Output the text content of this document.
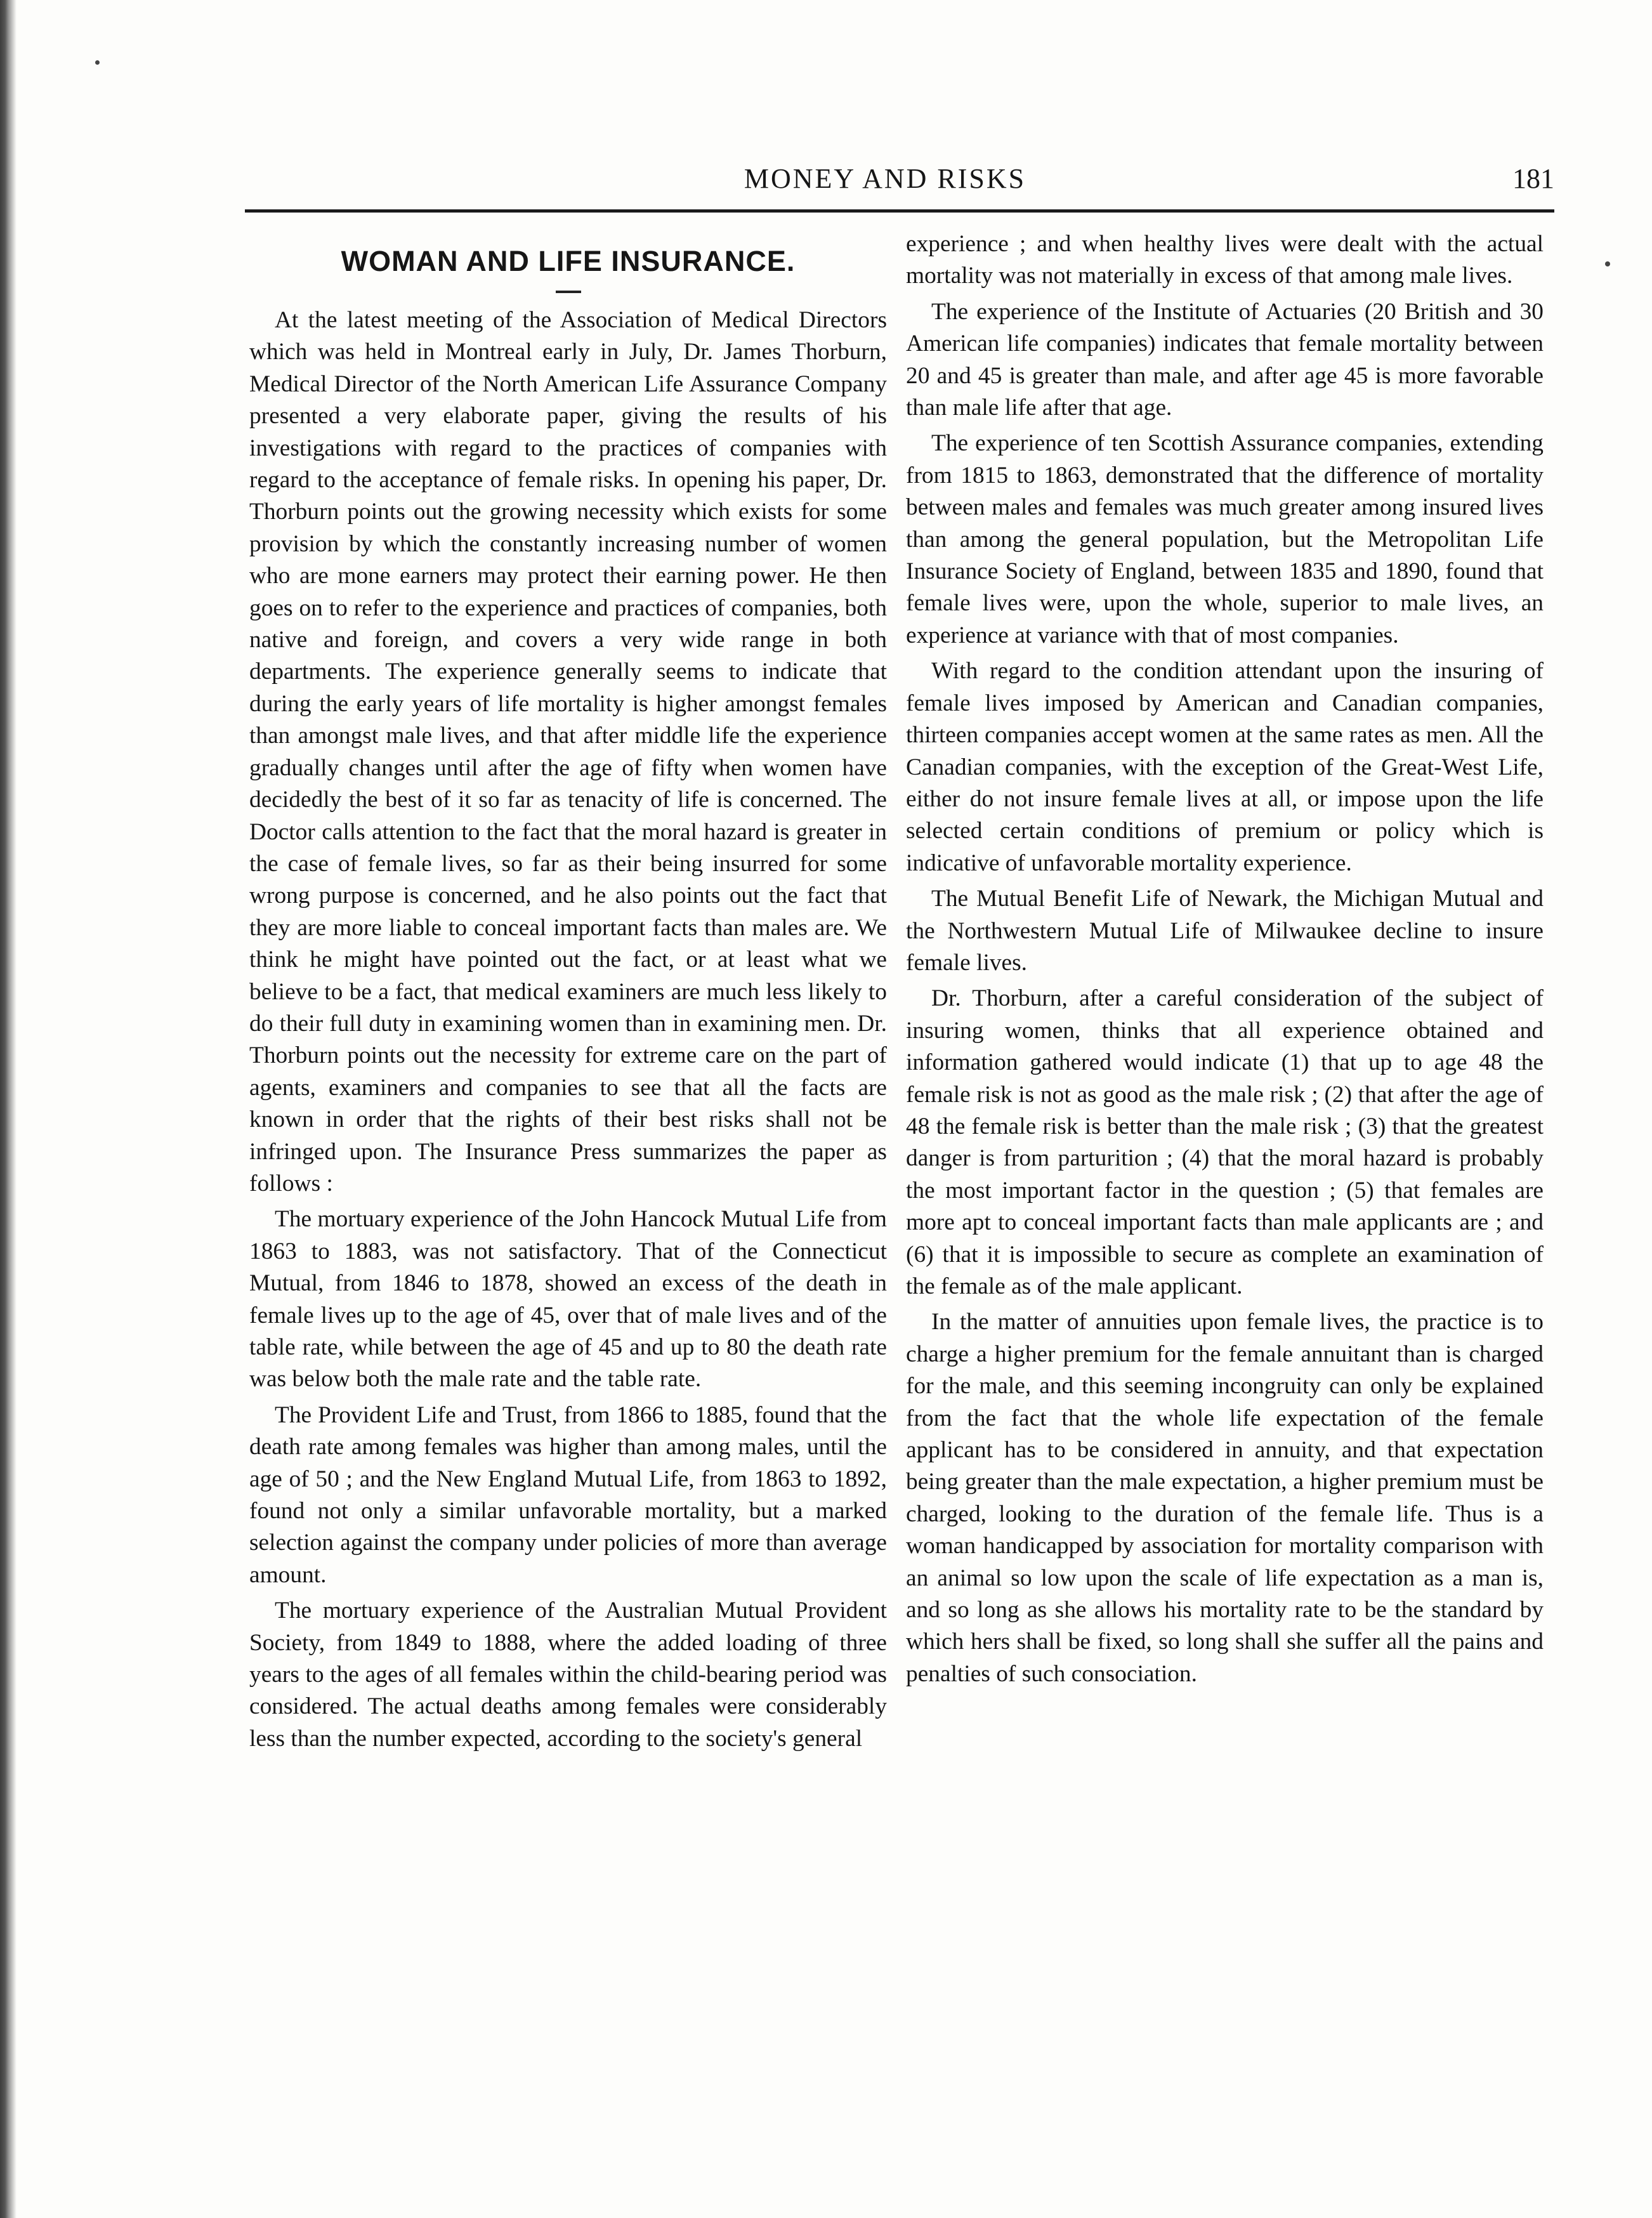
MONEY AND RISKS	181
WOMAN AND LIFE INSURANCE.

At the latest meeting of the Association of Medical Directors which was held in Montreal early in July, Dr. James Thorburn, Medical Director of the North American Life Assurance Company presented a very elaborate paper, giving the results of his investigations with regard to the practices of companies with regard to the acceptance of female risks. In opening his paper, Dr. Thorburn points out the growing necessity which exists for some provision by which the constantly increasing number of women who are mone earners may protect their earning power. He then goes on to refer to the experience and practices of companies, both native and foreign, and covers a very wide range in both departments. The experience generally seems to indicate that during the early years of life mortality is higher amongst females than amongst male lives, and that after middle life the experience gradually changes until after the age of fifty when women have decidedly the best of it so far as tenacity of life is concerned. The Doctor calls attention to the fact that the moral hazard is greater in the case of female lives, so far as their being insurred for some wrong purpose is concerned, and he also points out the fact that they are more liable to conceal important facts than males are. We think he might have pointed out the fact, or at least what we believe to be a fact, that medical examiners are much less likely to do their full duty in examining women than in examining men. Dr. Thorburn points out the necessity for extreme care on the part of agents, examiners and companies to see that all the facts are known in order that the rights of their best risks shall not be infringed upon. The Insurance Press summarizes the paper as follows :

The mortuary experience of the John Hancock Mutual Life from 1863 to 1883, was not satisfactory. That of the Connecticut Mutual, from 1846 to 1878, showed an excess of the death in female lives up to the age of 45, over that of male lives and of the table rate, while between the age of 45 and up to 80 the death rate was below both the male rate and the table rate.

The Provident Life and Trust, from 1866 to 1885, found that the death rate among females was higher than among males, until the age of 50 ; and the New England Mutual Life, from 1863 to 1892, found not only a similar unfavorable mortality, but a marked selection against the company under policies of more than average amount.

The mortuary experience of the Australian Mutual Provident Society, from 1849 to 1888, where the added loading of three years to the ages of all females within the child-bearing period was considered. The actual deaths among females were considerably less than the number expected, according to the society's general

experience ; and when healthy lives were dealt with the actual mortality was not materially in excess of that among male lives.

The experience of the Institute of Actuaries (20 British and 30 American life companies) indicates that female mortality between 20 and 45 is greater than male, and after age 45 is more favorable than male life after that age.

The experience of ten Scottish Assurance companies, extending from 1815 to 1863, demonstrated that the difference of mortality between males and females was much greater among insured lives than among the general population, but the Metropolitan Life Insurance Society of England, between 1835 and 1890, found that female lives were, upon the whole, superior to male lives, an experience at variance with that of most companies.

With regard to the condition attendant upon the insuring of female lives imposed by American and Canadian companies, thirteen companies accept women at the same rates as men. All the Canadian companies, with the exception of the Great-West Life, either do not insure female lives at all, or impose upon the life selected certain conditions of premium or policy which is indicative of unfavorable mortality experience.

The Mutual Benefit Life of Newark, the Michigan Mutual and the Northwestern Mutual Life of Milwaukee decline to insure female lives.

Dr. Thorburn, after a careful consideration of the subject of insuring women, thinks that all experience obtained and information gathered would indicate (1) that up to age 48 the female risk is not as good as the male risk ; (2) that after the age of 48 the female risk is better than the male risk ; (3) that the greatest danger is from parturition ; (4) that the moral hazard is probably the most important factor in the question ; (5) that females are more apt to conceal important facts than male applicants are ; and (6) that it is impossible to secure as complete an examination of the female as of the male applicant.

In the matter of annuities upon female lives, the practice is to charge a higher premium for the female annuitant than is charged for the male, and this seeming incongruity can only be explained from the fact that the whole life expectation of the female applicant has to be considered in annuity, and that expectation being greater than the male expectation, a higher premium must be charged, looking to the duration of the female life. Thus is a woman handicapped by association for mortality comparison with an animal so low upon the scale of life expectation as a man is, and so long as she allows his mortality rate to be the standard by which hers shall be fixed, so long shall she suffer all the pains and penalties of such consociation.
